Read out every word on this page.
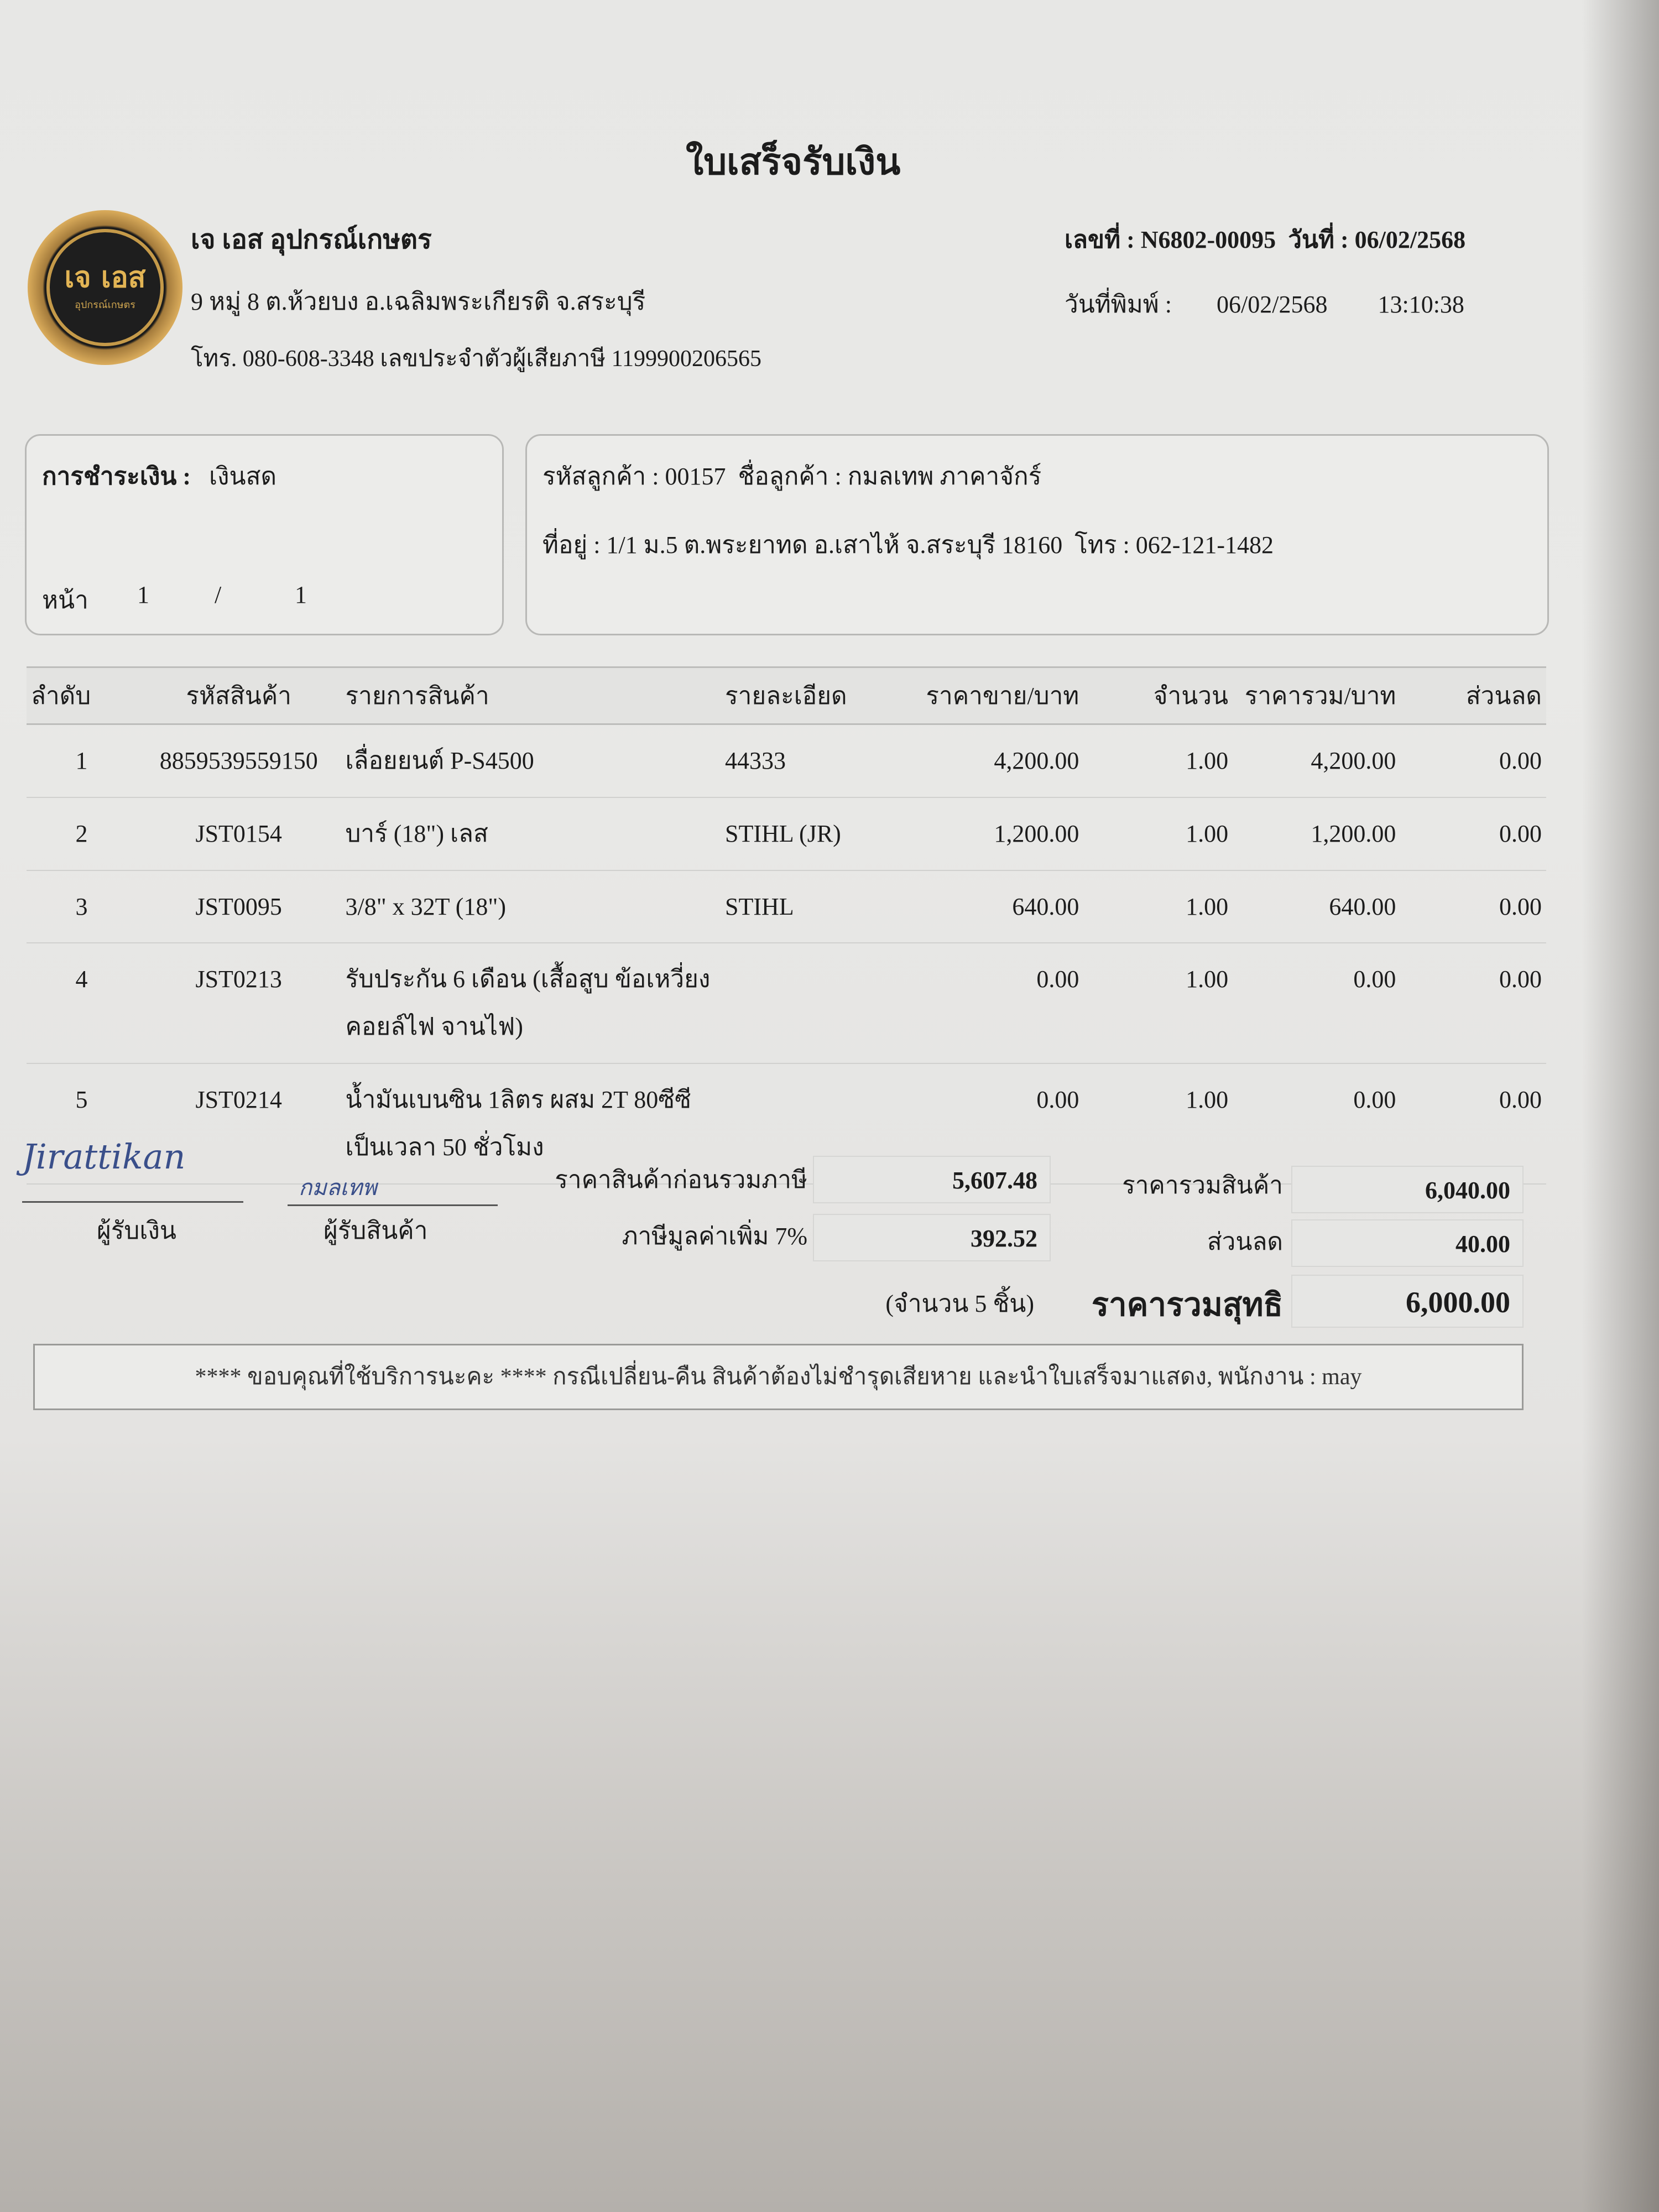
ใบเสร็จรับเงิน
เจ เอส
อุปกรณ์เกษตร
เจ เอส อุปกรณ์เกษตร
9 หมู่ 8 ต.ห้วยบง อ.เฉลิมพระเกียรติ จ.สระบุรี
โทร. 080-608-3348 เลขประจำตัวผู้เสียภาษี 1199900206565
เลขที่ : N6802-00095 วันที่ : 06/02/2568
วันที่พิมพ์ : 06/02/2568 13:10:38
การชำระเงิน : เงินสด
หน้า 1	/	1
รหัสลูกค้า : 00157 ชื่อลูกค้า : กมลเทพ ภาคาจักร์
ที่อยู่ : 1/1 ม.5 ต.พระยาทด อ.เสาไห้ จ.สระบุรี 18160 โทร : 062-121-1482
ลำดับ	รหัสสินค้า	รายการสินค้า	รายละเอียด	ราคาขาย/บาท	จำนวน	ราคารวม/บาท	ส่วนลด
1	8859539559150	เลื่อยยนต์ P-S4500	44333	4,200.00	1.00	4,200.00	0.00
2	JST0154	บาร์ (18") เลส	STIHL (JR)	1,200.00	1.00	1,200.00	0.00
3	JST0095	3/8" x 32T (18")	STIHL	640.00	1.00	640.00	0.00
4	JST0213	รับประกัน 6 เดือน (เสื้อสูบ ข้อเหวี่ยง คอยล์ไฟ จานไฟ)		0.00	1.00	0.00	0.00
5	JST0214	น้ำมันเบนซิน 1ลิตร ผสม 2T 80ซีซี เป็นเวลา 50 ชั่วโมง		0.00	1.00	0.00	0.00
Jirattikan
ผู้รับเงิน
กมลเทพ
ผู้รับสินค้า
ราคาสินค้าก่อนรวมภาษี	5,607.48
ภาษีมูลค่าเพิ่ม 7%	392.52
ราคารวมสินค้า	6,040.00
ส่วนลด	40.00
(จำนวน 5 ชิ้น)	ราคารวมสุทธิ	6,000.00
**** ขอบคุณที่ใช้บริการนะคะ **** กรณีเปลี่ยน-คืน สินค้าต้องไม่ชำรุดเสียหาย และนำใบเสร็จมาแสดง, พนักงาน : may
